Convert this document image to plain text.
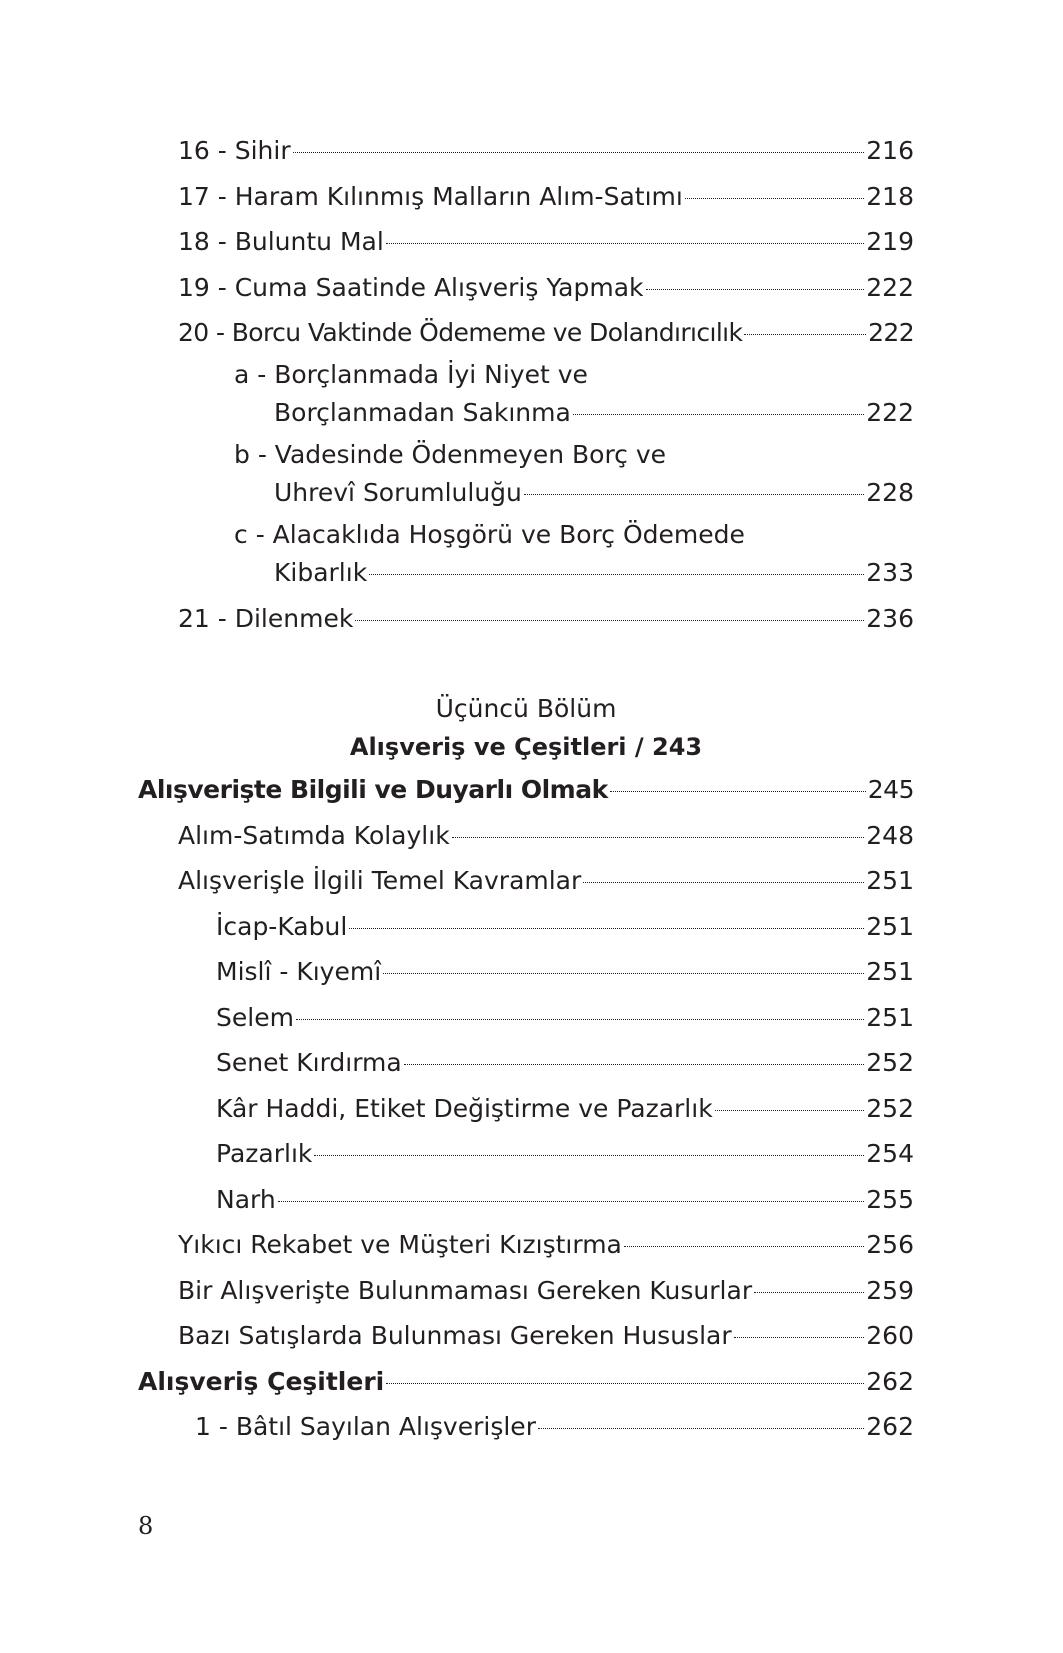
16 - Sihir	216
17 - Haram Kılınmış Malların Alım-Satımı	218
18 - Buluntu Mal	219
19 - Cuma Saatinde Alışveriş Yapmak	222
20 - Borcu Vaktinde Ödememe ve Dolandırıcılık	222
a - Borçlanmada İyi Niyet ve
Borçlanmadan Sakınma	222
b - Vadesinde Ödenmeyen Borç ve
Uhrevî Sorumluluğu	228
c - Alacaklıda Hoşgörü ve Borç Ödemede
Kibarlık	233
21 - Dilenmek	236
Üçüncü Bölüm
Alışveriş ve Çeşitleri / 243
Alışverişte Bilgili ve Duyarlı Olmak	245
Alım-Satımda Kolaylık	248
Alışverişle İlgili Temel Kavramlar	251
İcap-Kabul	251
Mislî - Kıyemî	251
Selem	251
Senet Kırdırma	252
Kâr Haddi, Etiket Değiştirme ve Pazarlık	252
Pazarlık	254
Narh	255
Yıkıcı Rekabet ve Müşteri Kızıştırma	256
Bir Alışverişte Bulunmaması Gereken Kusurlar	259
Bazı Satışlarda Bulunması Gereken Hususlar	260
Alışveriş Çeşitleri	262
1 - Bâtıl Sayılan Alışverişler	262
8
